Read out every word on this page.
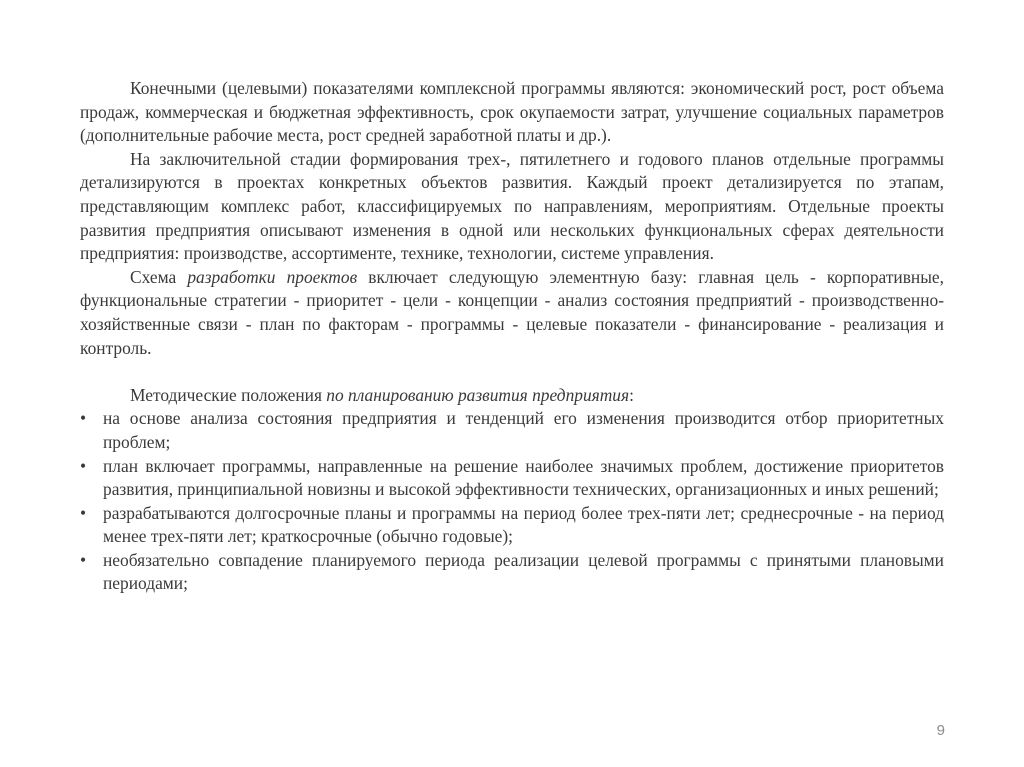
Конечными (целевыми) показателями комплексной программы являются: экономический рост, рост объема продаж, коммерческая и бюджетная эффективность, срок окупаемости затрат, улучшение социальных параметров (дополнительные рабочие места, рост средней заработной платы и др.).

На заключительной стадии формирования трех-, пятилетнего и годового планов отдельные программы детализируются в проектах конкретных объектов развития. Каждый проект детализируется по этапам, представляющим комплекс работ, классифицируемых по направлениям, мероприятиям. Отдельные проекты развития предприятия описывают изменения в одной или нескольких функциональных сферах деятельности предприятия: производстве, ассортименте, технике, технологии, системе управления.

Схема разработки проектов включает следующую элементную базу: главная цель - корпоративные, функциональные стратегии - приоритет - цели - концепции - анализ состояния предприятий - производственно-хозяйственные связи - план по факторам - программы - целевые показатели - финансирование - реализация и контроль.

Методические положения по планированию развития предприятия:

• на основе анализа состояния предприятия и тенденций его изменения производится отбор приоритетных проблем;
• план включает программы, направленные на решение наиболее значимых проблем, достижение приоритетов развития, принципиальной новизны и высокой эффективности технических, организационных и иных решений;
• разрабатываются долгосрочные планы и программы на период более трех-пяти лет; среднесрочные - на период менее трех-пяти лет; краткосрочные (обычно годовые);
• необязательно совпадение планируемого периода реализации целевой программы с принятыми плановыми периодами;
9
